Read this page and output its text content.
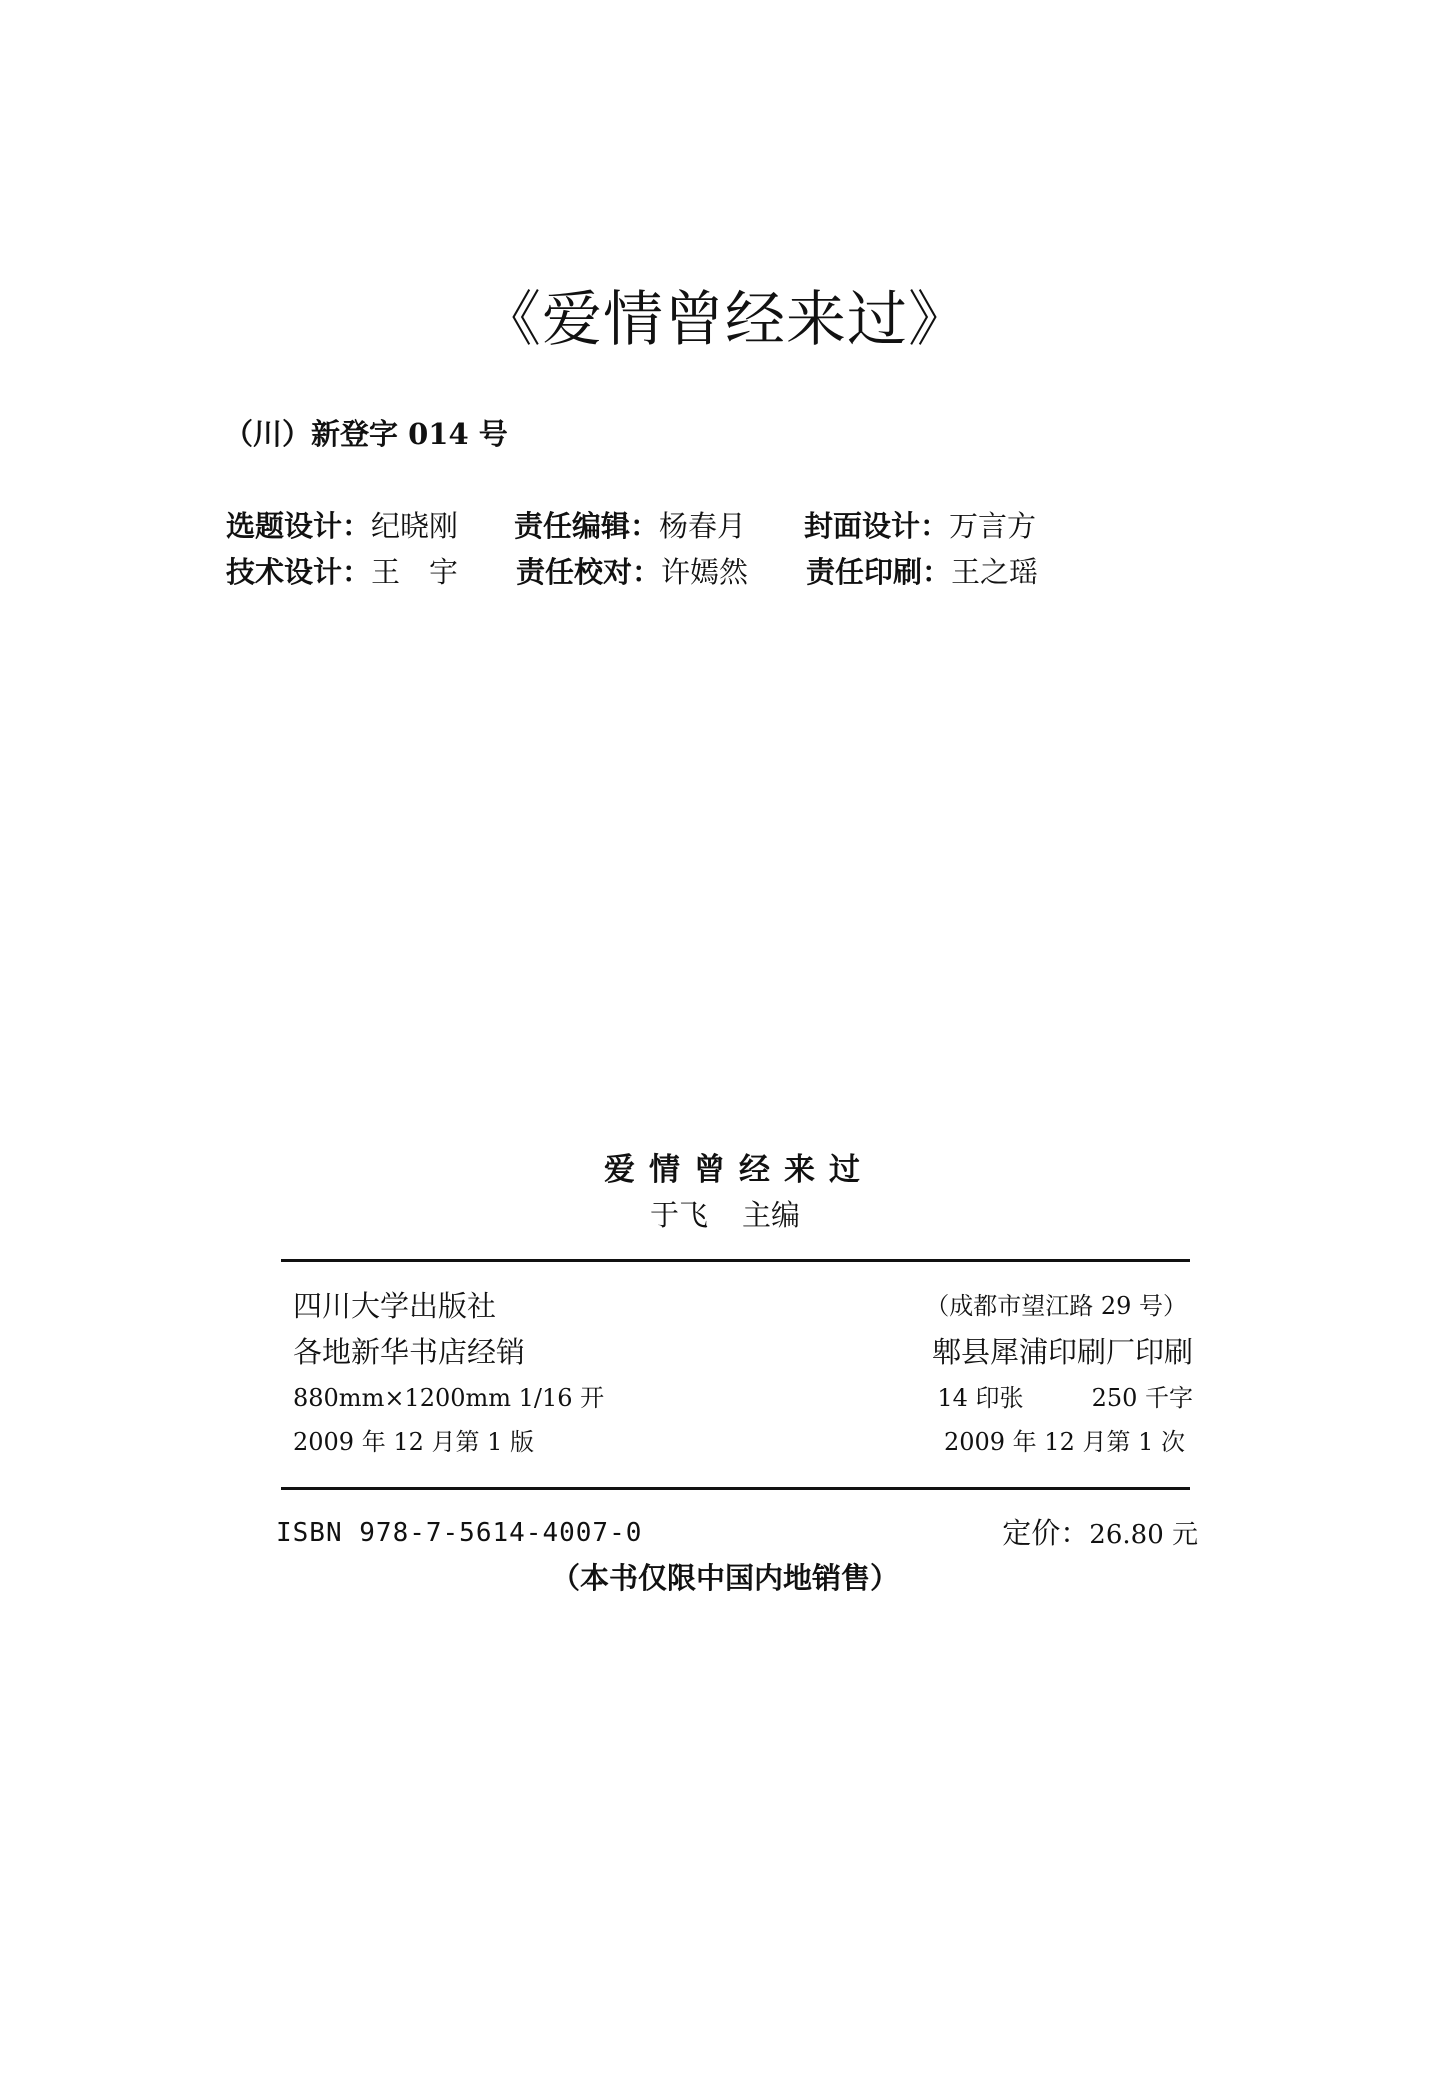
《爱情曾经来过》
（川）新登字 014 号
选题设计：纪晓刚 责任编辑：杨春月 封面设计：万言方
技术设计：王　宇 责任校对：许嫣然 责任印刷：王之瑶
爱情曾经来过
于飞 主编
四川大学出版社	（成都市望江路 29 号）
各地新华书店经销	郫县犀浦印刷厂印刷
880mm×1200mm 1/16 开	14 印张	250 千字
2009 年 12 月第 1 版	2009 年 12 月第 1 次
ISBN 978-7-5614-4007-0	定价：26.80 元
（本书仅限中国内地销售）
